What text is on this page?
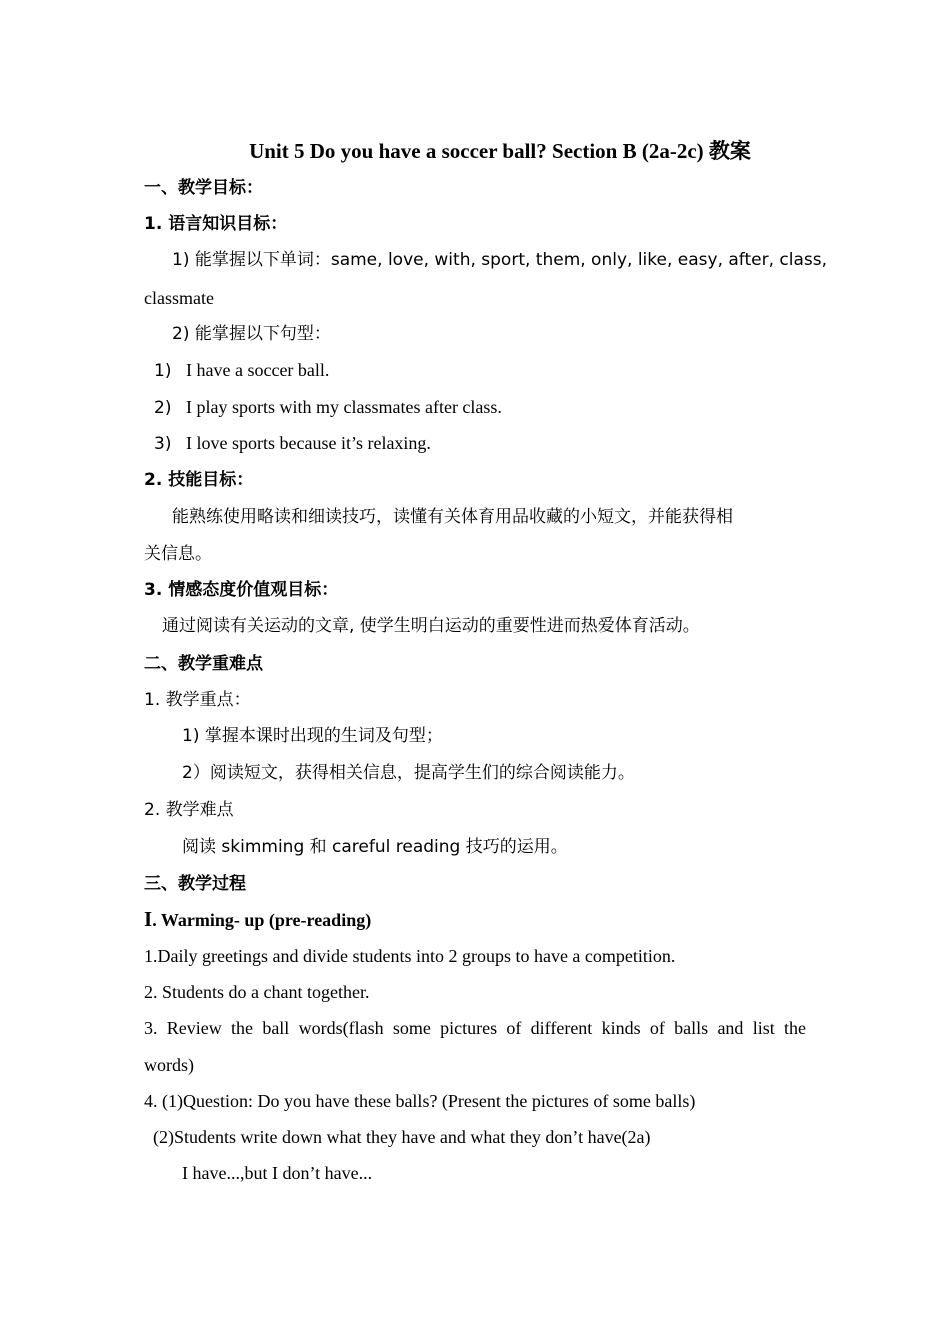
Unit 5 Do you have a soccer ball? Section B (2a-2c) 教案
一、教学目标：
1. 语言知识目标：
1) 能掌握以下单词：same, love, with, sport, them, only, like, easy, after, class,
classmate
2) 能掌握以下句型：
1) I have a soccer ball.
2) I play sports with my classmates after class.
3) I love sports because it’s relaxing.
2. 技能目标：
能熟练使用略读和细读技巧，读懂有关体育用品收藏的小短文，并能获得相
关信息。
3. 情感态度价值观目标：
通过阅读有关运动的文章, 使学生明白运动的重要性进而热爱体育活动。
二、教学重难点
1. 教学重点：
1) 掌握本课时出现的生词及句型；
2）阅读短文，获得相关信息，提高学生们的综合阅读能力。
2. 教学难点
阅读 skimming 和 careful reading 技巧的运用。
三、教学过程
I. Warming- up (pre-reading)
1.Daily greetings and divide students into 2 groups to have a competition.
2. Students do a chant together.
3. Review the ball words(flash some pictures of different kinds of balls and list the
words)
4. (1)Question: Do you have these balls? (Present the pictures of some balls)
(2)Students write down what they have and what they don’t have(2a)
I have...,but I don’t have...
